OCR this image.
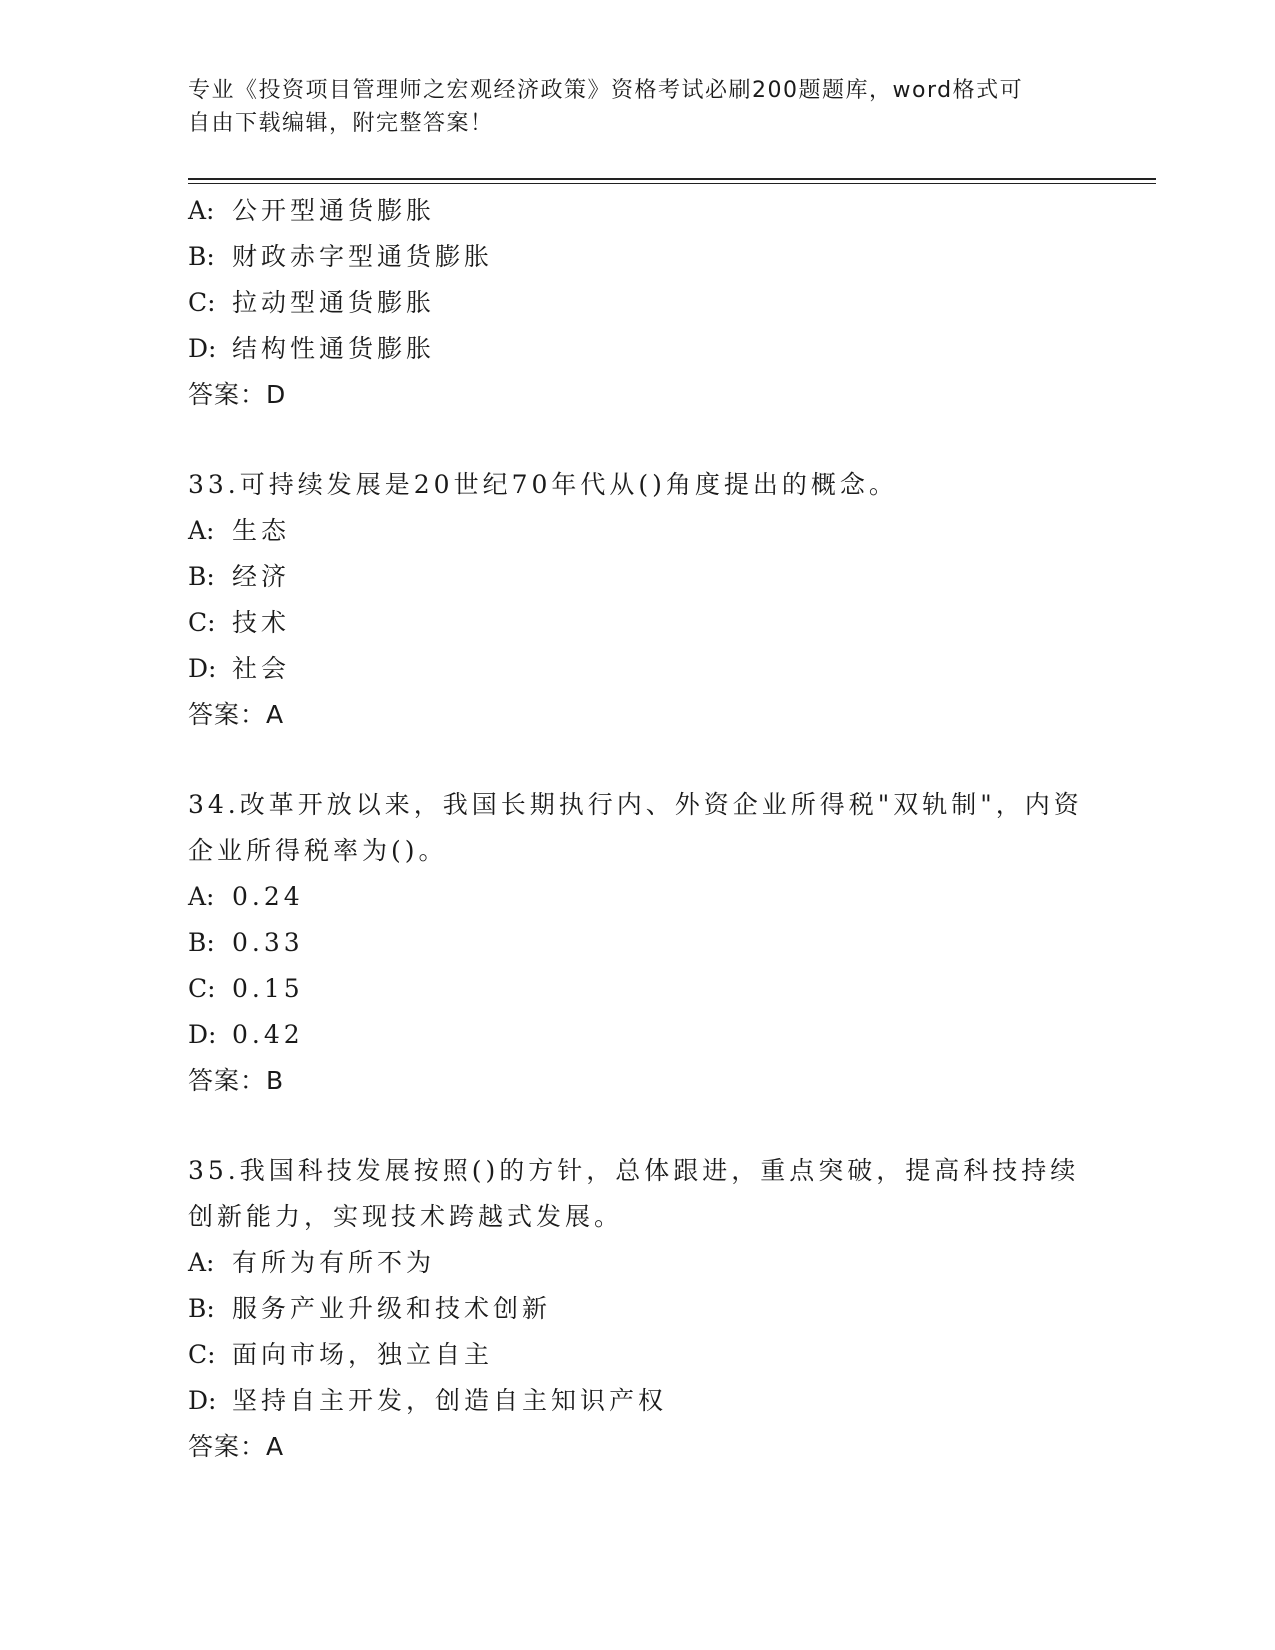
专业《投资项目管理师之宏观经济政策》资格考试必刷200题题库，word格式可
自由下载编辑，附完整答案！
A: 公开型通货膨胀
B: 财政赤字型通货膨胀
C: 拉动型通货膨胀
D: 结构性通货膨胀
答案：D
33.可持续发展是20世纪70年代从()角度提出的概念。
A: 生态
B: 经济
C: 技术
D: 社会
答案：A
34.改革开放以来，我国长期执行内、外资企业所得税"双轨制"，内资企业所得税率为()。
A: 0.24
B: 0.33
C: 0.15
D: 0.42
答案：B
35.我国科技发展按照()的方针，总体跟进，重点突破，提高科技持续创新能力，实现技术跨越式发展。
A: 有所为有所不为
B: 服务产业升级和技术创新
C: 面向市场，独立自主
D: 坚持自主开发，创造自主知识产权
答案：A
